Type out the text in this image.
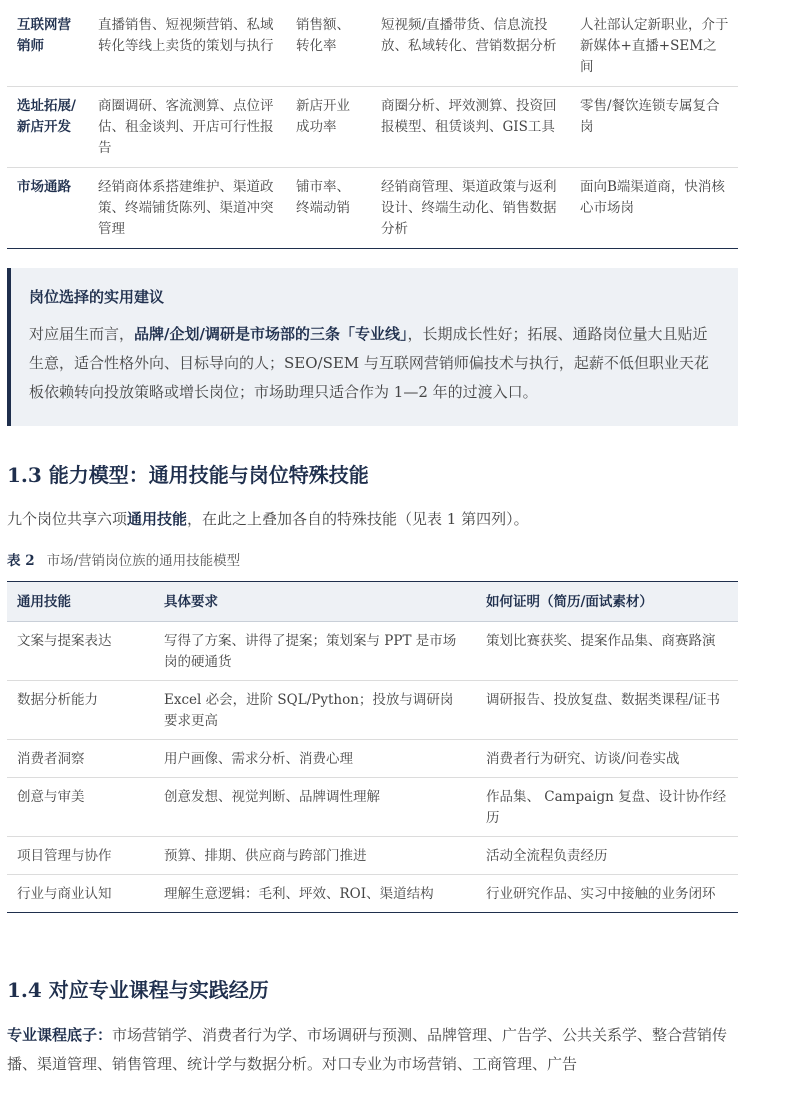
互联网营销师	直播销售、短视频营销、私域转化等线上卖货的策划与执行	销售额、转化率	短视频/直播带货、信息流投放、私域转化、营销数据分析	人社部认定新职业，介于新媒体+直播+SEM之间
选址拓展/新店开发	商圈调研、客流测算、点位评估、租金谈判、开店可行性报告	新店开业成功率	商圈分析、坪效测算、投资回报模型、租赁谈判、GIS工具	零售/餐饮连锁专属复合岗
市场通路	经销商体系搭建维护、渠道政策、终端铺货陈列、渠道冲突管理	铺市率、终端动销	经销商管理、渠道政策与返利设计、终端生动化、销售数据分析	面向B端渠道商，快消核心市场岗

岗位选择的实用建议

对应届生而言，品牌/企划/调研是市场部的三条「专业线」，长期成长性好；拓展、通路岗位量大且贴近生意，适合性格外向、目标导向的人；SEO/SEM 与互联网营销师偏技术与执行，起薪不低但职业天花板依赖转向投放策略或增长岗位；市场助理只适合作为 1—2 年的过渡入口。

1.3 能力模型：通用技能与岗位特殊技能

九个岗位共享六项通用技能，在此之上叠加各自的特殊技能（见表 1 第四列）。

表 2 市场/营销岗位族的通用技能模型
通用技能	具体要求	如何证明（简历/面试素材）
文案与提案表达	写得了方案、讲得了提案；策划案与 PPT 是市场岗的硬通货	策划比赛获奖、提案作品集、商赛路演
数据分析能力	Excel 必会，进阶 SQL/Python；投放与调研岗要求更高	调研报告、投放复盘、数据类课程/证书
消费者洞察	用户画像、需求分析、消费心理	消费者行为研究、访谈/问卷实战
创意与审美	创意发想、视觉判断、品牌调性理解	作品集、 Campaign 复盘、设计协作经历
项目管理与协作	预算、排期、供应商与跨部门推进	活动全流程负责经历
行业与商业认知	理解生意逻辑：毛利、坪效、ROI、渠道结构	行业研究作品、实习中接触的业务闭环
1.4 对应专业课程与实践经历

专业课程底子：市场营销学、消费者行为学、市场调研与预测、品牌管理、广告学、公共关系学、整合营销传播、渠道管理、销售管理、统计学与数据分析。对口专业为市场营销、工商管理、广告
